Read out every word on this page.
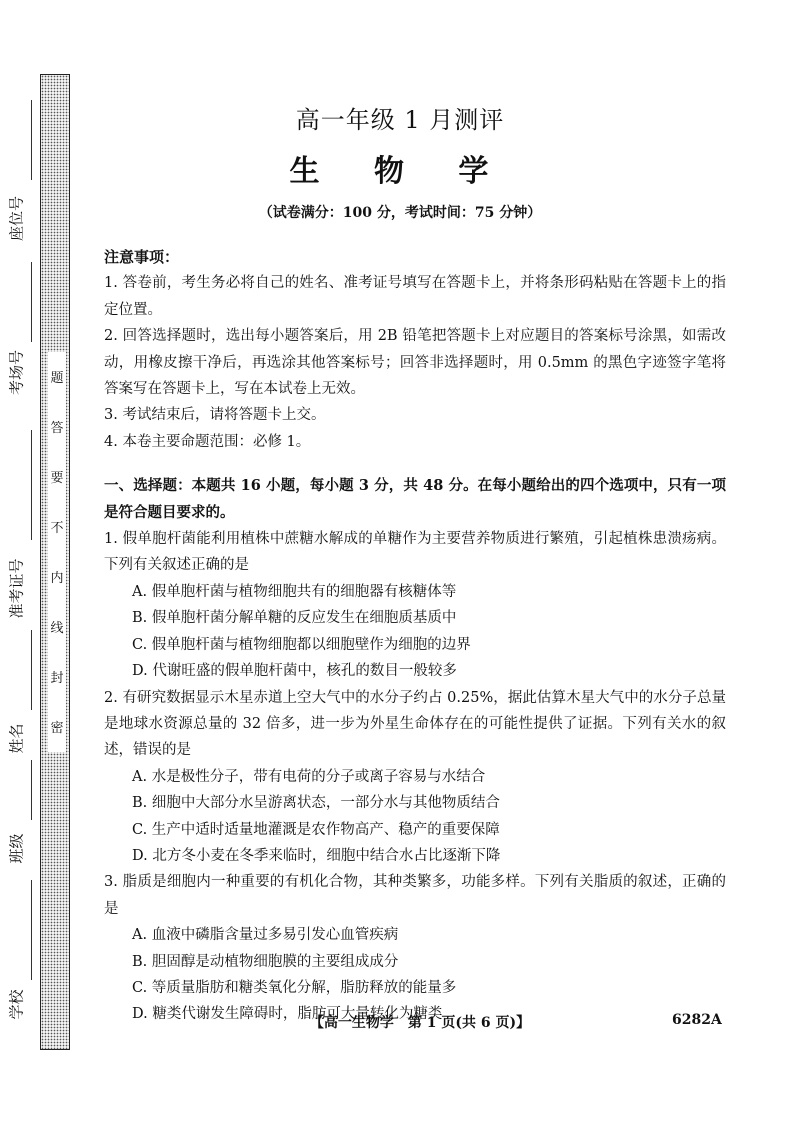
题
答
要
不
内
线
封
密
座位号
考场号
准考证号
姓名
班级
学校
高一年级 1 月测评
生 物 学
（试卷满分：100 分，考试时间：75 分钟）
注意事项：
1. 答卷前，考生务必将自己的姓名、准考证号填写在答题卡上，并将条形码粘贴在答题卡上的指定位置。
2. 回答选择题时，选出每小题答案后，用 2B 铅笔把答题卡上对应题目的答案标号涂黑，如需改动，用橡皮擦干净后，再选涂其他答案标号；回答非选择题时，用 0.5mm 的黑色字迹签字笔将答案写在答题卡上，写在本试卷上无效。
3. 考试结束后，请将答题卡上交。
4. 本卷主要命题范围：必修 1。
一、选择题：本题共 16 小题，每小题 3 分，共 48 分。在每小题给出的四个选项中，只有一项是符合题目要求的。
1. 假单胞杆菌能利用植株中蔗糖水解成的单糖作为主要营养物质进行繁殖，引起植株患溃疡病。下列有关叙述正确的是
A. 假单胞杆菌与植物细胞共有的细胞器有核糖体等
B. 假单胞杆菌分解单糖的反应发生在细胞质基质中
C. 假单胞杆菌与植物细胞都以细胞壁作为细胞的边界
D. 代谢旺盛的假单胞杆菌中，核孔的数目一般较多
2. 有研究数据显示木星赤道上空大气中的水分子约占 0.25%，据此估算木星大气中的水分子总量是地球水资源总量的 32 倍多，进一步为外星生命体存在的可能性提供了证据。下列有关水的叙述，错误的是
A. 水是极性分子，带有电荷的分子或离子容易与水结合
B. 细胞中大部分水呈游离状态，一部分水与其他物质结合
C. 生产中适时适量地灌溉是农作物高产、稳产的重要保障
D. 北方冬小麦在冬季来临时，细胞中结合水占比逐渐下降
3. 脂质是细胞内一种重要的有机化合物，其种类繁多，功能多样。下列有关脂质的叙述，正确的是
A. 血液中磷脂含量过多易引发心血管疾病
B. 胆固醇是动植物细胞膜的主要组成成分
C. 等质量脂肪和糖类氧化分解，脂肪释放的能量多
D. 糖类代谢发生障碍时，脂肪可大量转化为糖类
【高一生物学　第 1 页(共 6 页)】	6282A
